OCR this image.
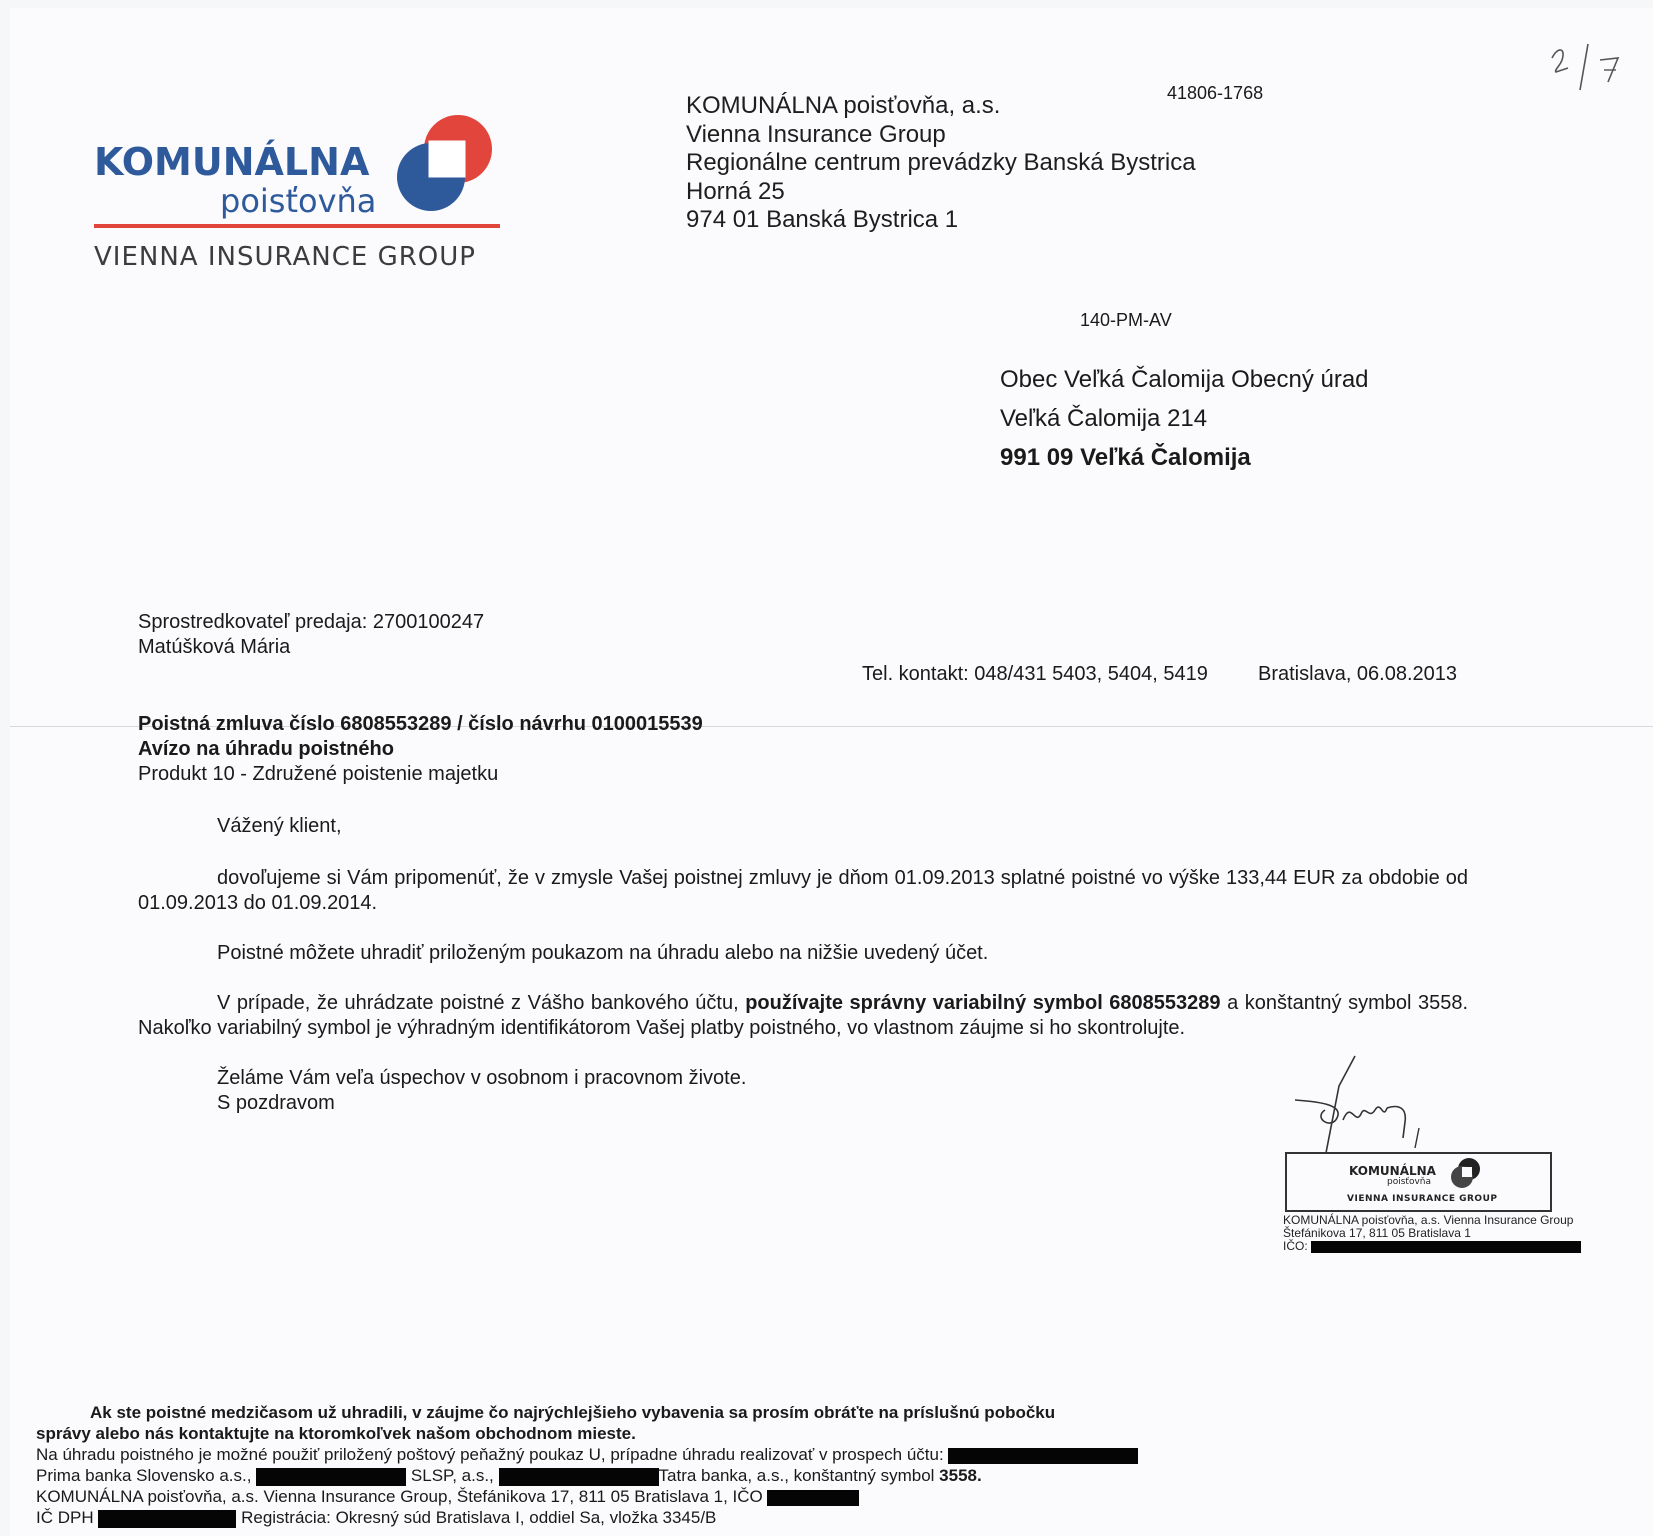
KOMUNÁLNA
poisťovňa
VIENNA INSURANCE GROUP
41806-1768
KOMUNÁLNA poisťovňa, a.s.
Vienna Insurance Group
Regionálne centrum prevádzky Banská Bystrica
Horná 25
974 01 Banská Bystrica 1
140-PM-AV
Obec Veľká Čalomija Obecný úrad
Veľká Čalomija 214
991 09 Veľká Čalomija
Sprostredkovateľ predaja: 2700100247
Matúšková Mária
Tel. kontakt: 048/431 5403, 5404, 5419	Bratislava, 06.08.2013
Poistná zmluva číslo 6808553289 / číslo návrhu 0100015539
Avízo na úhradu poistného
Produkt 10 - Združené poistenie majetku
Vážený klient,
dovoľujeme si Vám pripomenúť, že v zmysle Vašej poistnej zmluvy je dňom 01.09.2013 splatné poistné vo výške 133,44 EUR za obdobie od 01.09.2013 do 01.09.2014.
Poistné môžete uhradiť priloženým poukazom na úhradu alebo na nižšie uvedený účet.
V prípade, že uhrádzate poistné z Vášho bankového účtu, používajte správny variabilný symbol 6808553289 a konštantný symbol 3558. Nakoľko variabilný symbol je výhradným identifikátorom Vašej platby poistného, vo vlastnom záujme si ho skontrolujte.
Želáme Vám veľa úspechov v osobnom i pracovnom živote.
S pozdravom
KOMUNÁLNA
poisťovňa
VIENNA INSURANCE GROUP
KOMUNÁLNA poisťovňa, a.s. Vienna Insurance Group
Štefánikova 17, 811 05 Bratislava 1
IČO:
Ak ste poistné medzičasom už uhradili, v záujme čo najrýchlejšieho vybavenia sa prosím obráťte na príslušnú pobočku
správy alebo nás kontaktujte na ktoromkoľvek našom obchodnom mieste.
Na úhradu poistného je možné použiť priložený poštový peňažný poukaz U, prípadne úhradu realizovať v prospech účtu:
Prima banka Slovensko a.s.,	SLSP, a.s.,	Tatra banka, a.s., konštantný symbol 3558.
KOMUNÁLNA poisťovňa, a.s. Vienna Insurance Group, Štefánikova 17, 811 05 Bratislava 1, IČO
IČ DPH	Registrácia: Okresný súd Bratislava I, oddiel Sa, vložka 3345/B
